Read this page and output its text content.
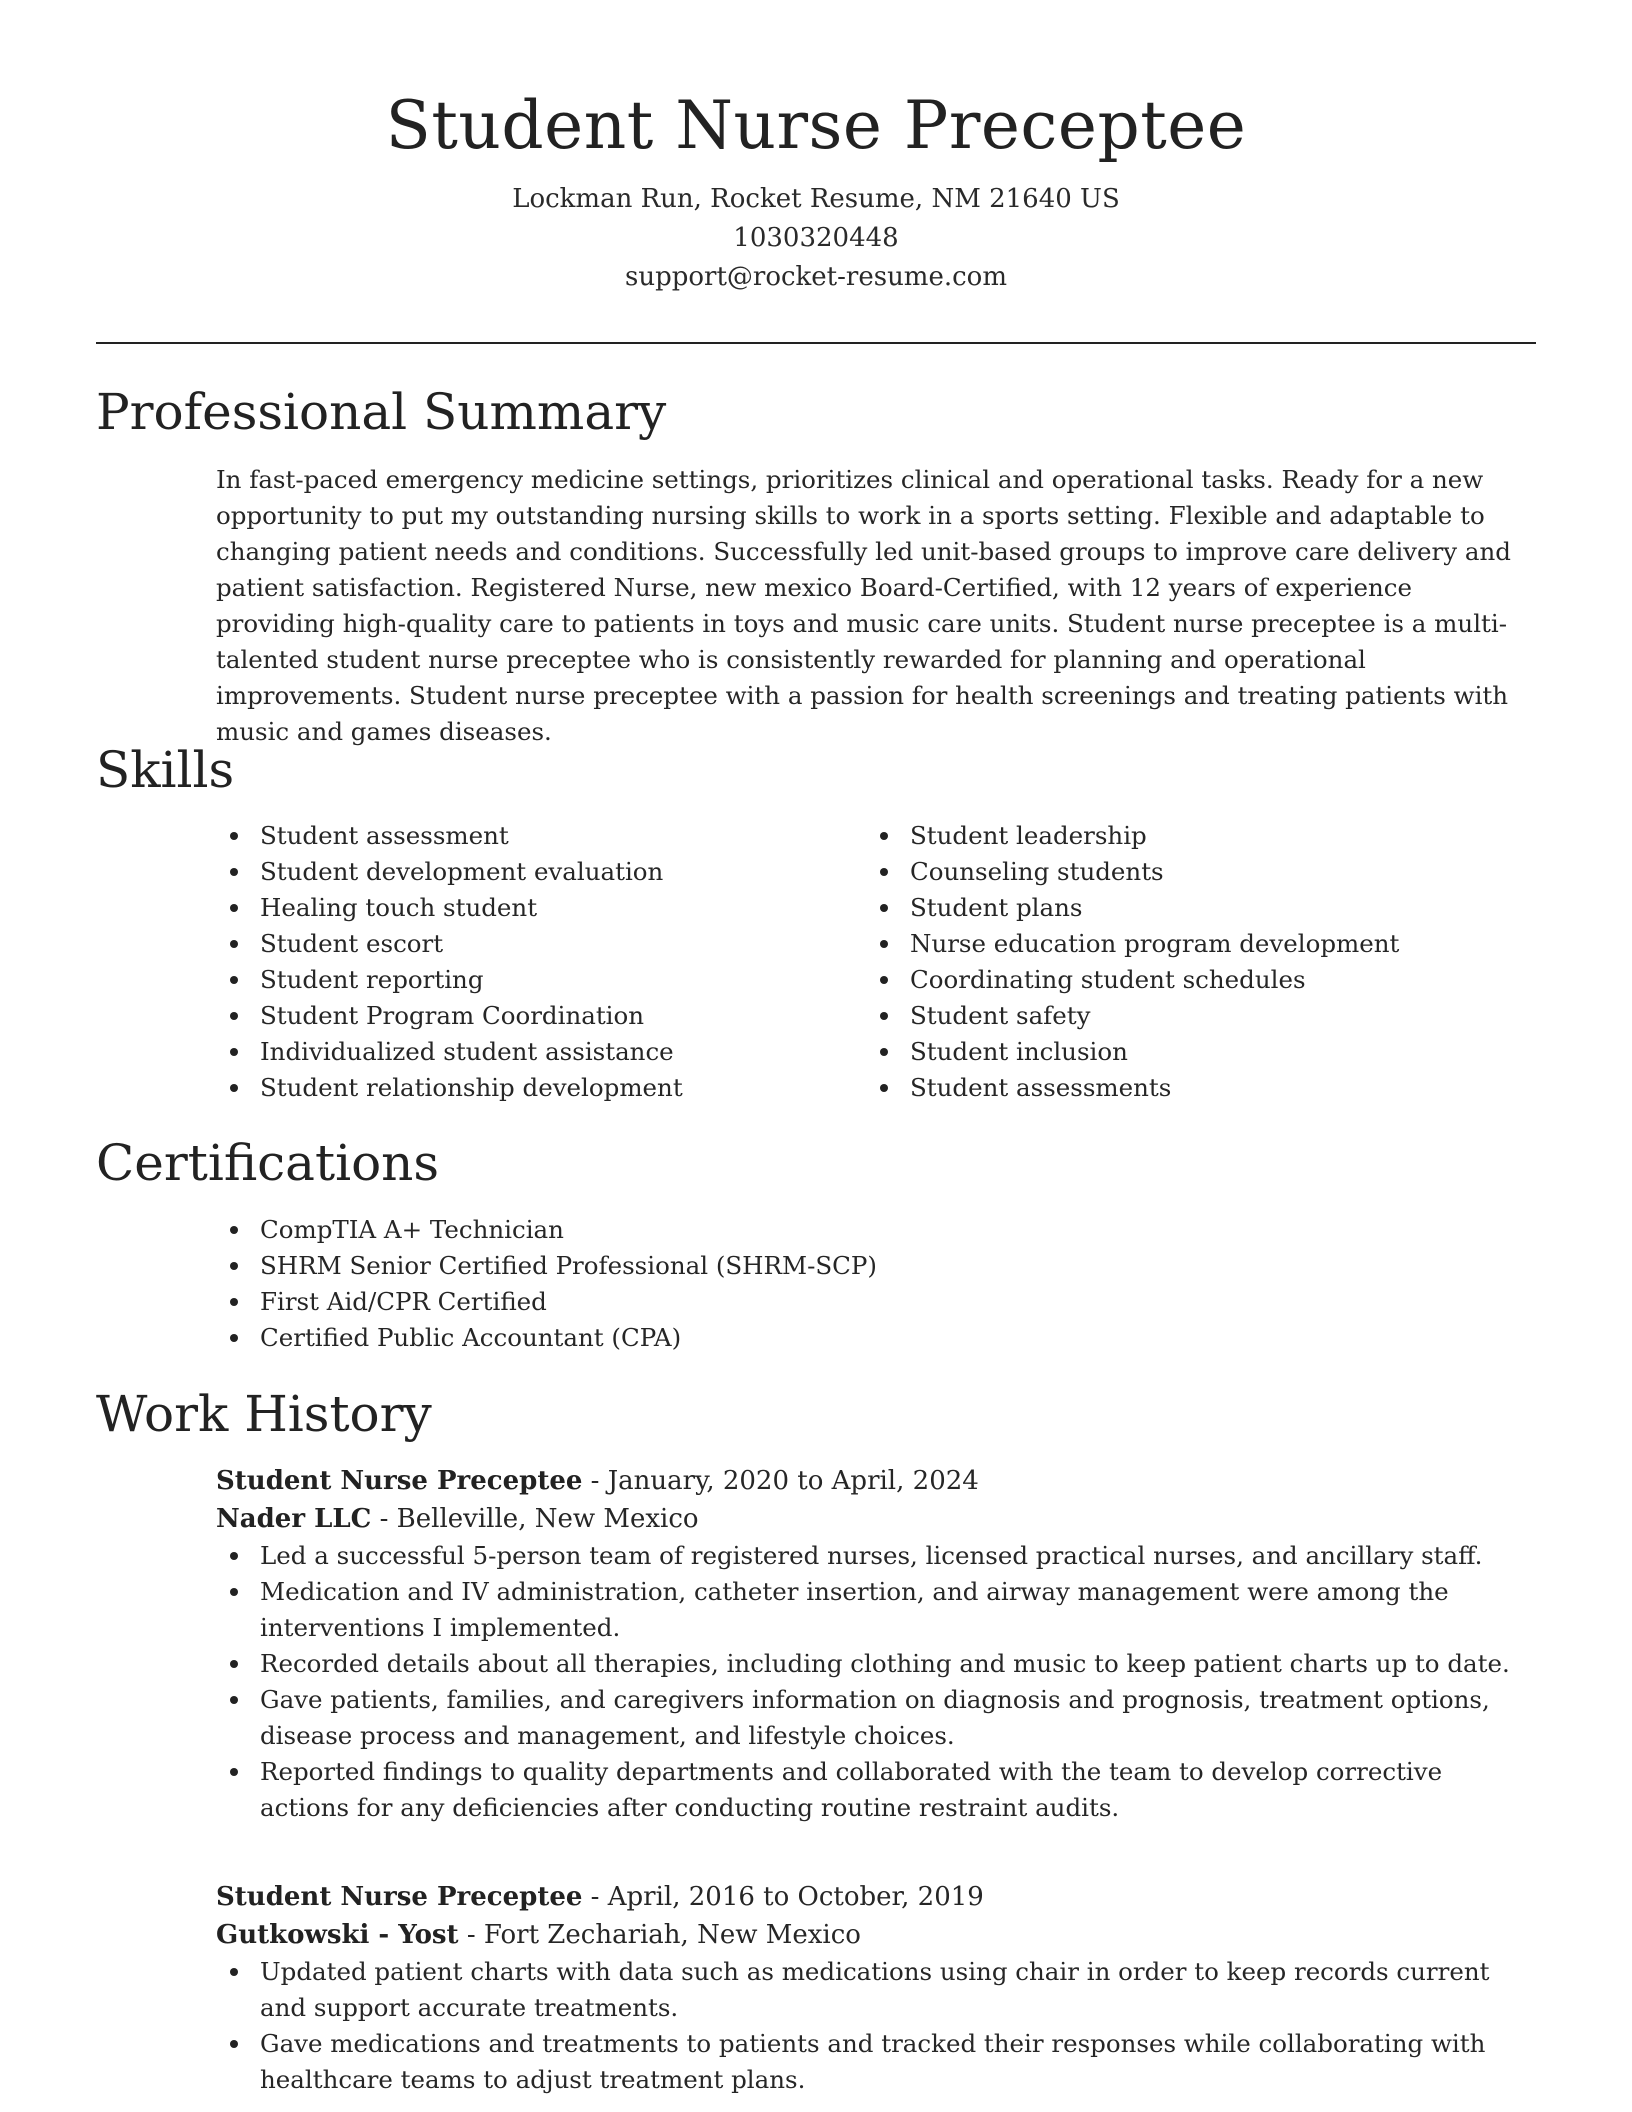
Student Nurse Preceptee
Lockman Run, Rocket Resume, NM 21640 US
1030320448
support@rocket-resume.com
Professional Summary

In fast-paced emergency medicine settings, prioritizes clinical and operational tasks. Ready for a new opportunity to put my outstanding nursing skills to work in a sports setting. Flexible and adaptable to changing patient needs and conditions. Successfully led unit-based groups to improve care delivery and patient satisfaction. Registered Nurse, new mexico Board-Certified, with 12 years of experience providing high-quality care to patients in toys and music care units. Student nurse preceptee is a multi-talented student nurse preceptee who is consistently rewarded for planning and operational improvements. Student nurse preceptee with a passion for health screenings and treating patients with music and games diseases.

Skills
Student assessment
Student development evaluation
Healing touch student
Student escort
Student reporting
Student Program Coordination
Individualized student assistance
Student relationship development
Student leadership
Counseling students
Student plans
Nurse education program development
Coordinating student schedules
Student safety
Student inclusion
Student assessments
Certifications
CompTIA A+ Technician
SHRM Senior Certified Professional (SHRM-SCP)
First Aid/CPR Certified
Certified Public Accountant (CPA)
Work History
Student Nurse Preceptee - January, 2020 to April, 2024
Nader LLC - Belleville, New Mexico
Led a successful 5-person team of registered nurses, licensed practical nurses, and ancillary staff.
Medication and IV administration, catheter insertion, and airway management were among the interventions I implemented.
Recorded details about all therapies, including clothing and music to keep patient charts up to date.
Gave patients, families, and caregivers information on diagnosis and prognosis, treatment options, disease process and management, and lifestyle choices.
Reported findings to quality departments and collaborated with the team to develop corrective actions for any deficiencies after conducting routine restraint audits.
Student Nurse Preceptee - April, 2016 to October, 2019
Gutkowski - Yost - Fort Zechariah, New Mexico
Updated patient charts with data such as medications using chair in order to keep records current and support accurate treatments.
Gave medications and treatments to patients and tracked their responses while collaborating with healthcare teams to adjust treatment plans.
